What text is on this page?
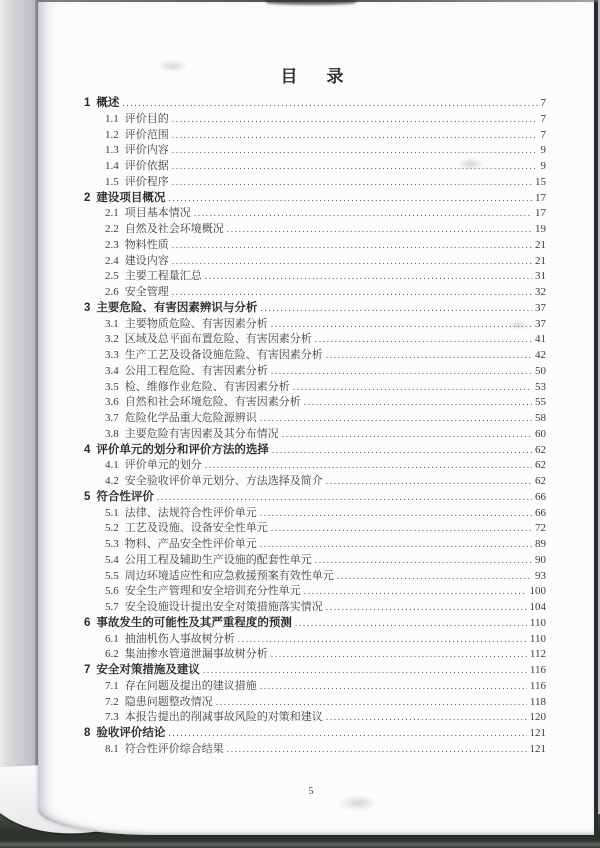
目　录
1 概述 .....	7
1.1 评价目的 .....	7
1.2 评价范围 .....	7
1.3 评价内容 .....	9
1.4 评价依据 .....	9
1.5 评价程序 .....	15
2 建设项目概况 .....	17
2.1 项目基本情况 .....	17
2.2 自然及社会环境概况 .....	19
2.3 物料性质 .....	21
2.4 建设内容 .....	21
2.5 主要工程量汇总 .....	31
2.6 安全管理 .....	32
3 主要危险、有害因素辨识与分析 .....	37
3.1 主要物质危险、有害因素分析 .....	37
3.2 区域及总平面布置危险、有害因素分析 .....	41
3.3 生产工艺及设备设施危险、有害因素分析 .....	42
3.4 公用工程危险、有害因素分析 .....	50
3.5 检、维修作业危险、有害因素分析 .....	53
3.6 自然和社会环境危险、有害因素分析 .....	55
3.7 危险化学品重大危险源辨识 .....	58
3.8 主要危险有害因素及其分布情况 .....	60
4 评价单元的划分和评价方法的选择 .....	62
4.1 评价单元的划分 .....	62
4.2 安全验收评价单元划分、方法选择及简介 .....	62
5 符合性评价 .....	66
5.1 法律、法规符合性评价单元 .....	66
5.2 工艺及设施、设备安全性单元 .....	72
5.3 物料、产品安全性评价单元 .....	89
5.4 公用工程及辅助生产设施的配套性单元 .....	90
5.5 周边环境适应性和应急救援预案有效性单元 .....	93
5.6 安全生产管理和安全培训充分性单元 .....	100
5.7 安全设施设计提出安全对策措施落实情况 .....	104
6 事故发生的可能性及其严重程度的预测 .....	110
6.1 抽油机伤人事故树分析 .....	110
6.2 集油掺水管道泄漏事故树分析 .....	112
7 安全对策措施及建议 .....	116
7.1 存在问题及提出的建议措施 .....	116
7.2 隐患问题整改情况 .....	118
7.3 本报告提出的削减事故风险的对策和建议 .....	120
8 验收评价结论 .....	121
8.1 符合性评价综合结果 .....	121
5
